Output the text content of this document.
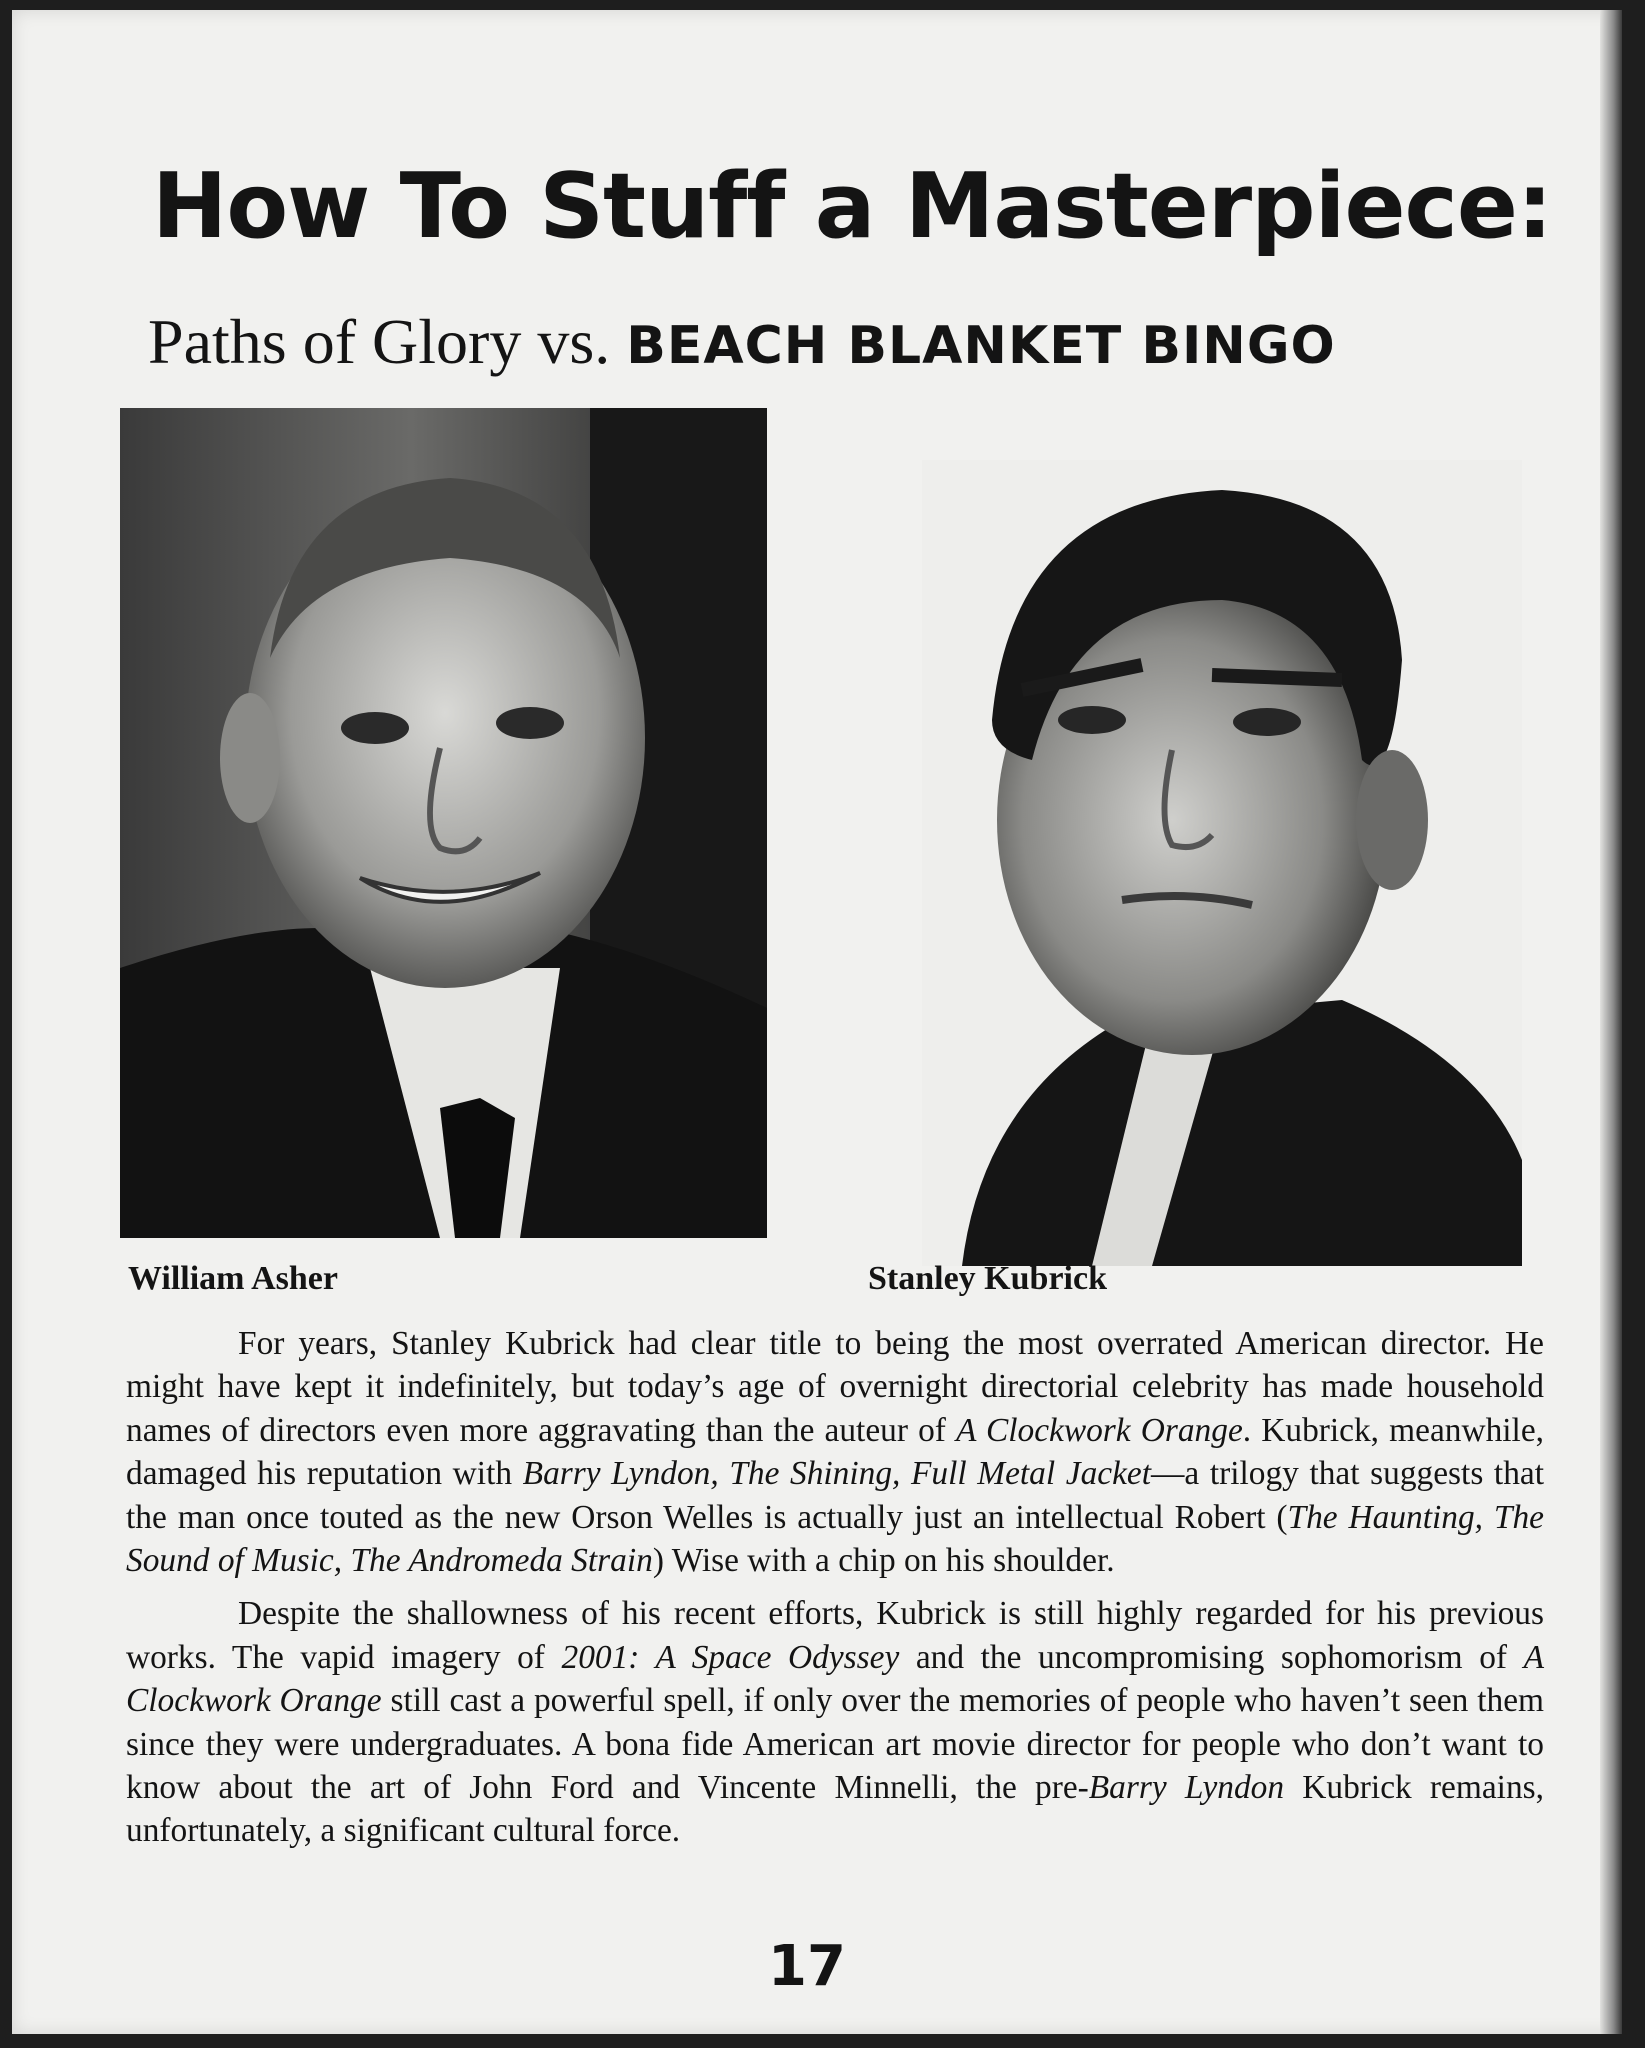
How To Stuff a Masterpiece:
Paths of Glory vs. BEACH BLANKET BINGO

William Asher	Stanley Kubrick

For years, Stanley Kubrick had clear title to being the most overrated American director. He might have kept it indefinitely, but today’s age of overnight directorial celebrity has made household names of directors even more aggravating than the auteur of A Clockwork Orange. Kubrick, meanwhile, damaged his reputation with Barry Lyndon, The Shining, Full Metal Jacket—a trilogy that suggests that the man once touted as the new Orson Welles is actually just an intellectual Robert (The Haunting, The Sound of Music, The Andromeda Strain) Wise with a chip on his shoulder.

Despite the shallowness of his recent efforts, Kubrick is still highly regarded for his previous works. The vapid imagery of 2001: A Space Odyssey and the uncompromising sophomorism of A Clockwork Orange still cast a powerful spell, if only over the memories of people who haven’t seen them since they were undergraduates. A bona fide American art movie director for people who don’t want to know about the art of John Ford and Vincente Minnelli, the pre-Barry Lyndon Kubrick remains, unfortunately, a significant cultural force.

17
